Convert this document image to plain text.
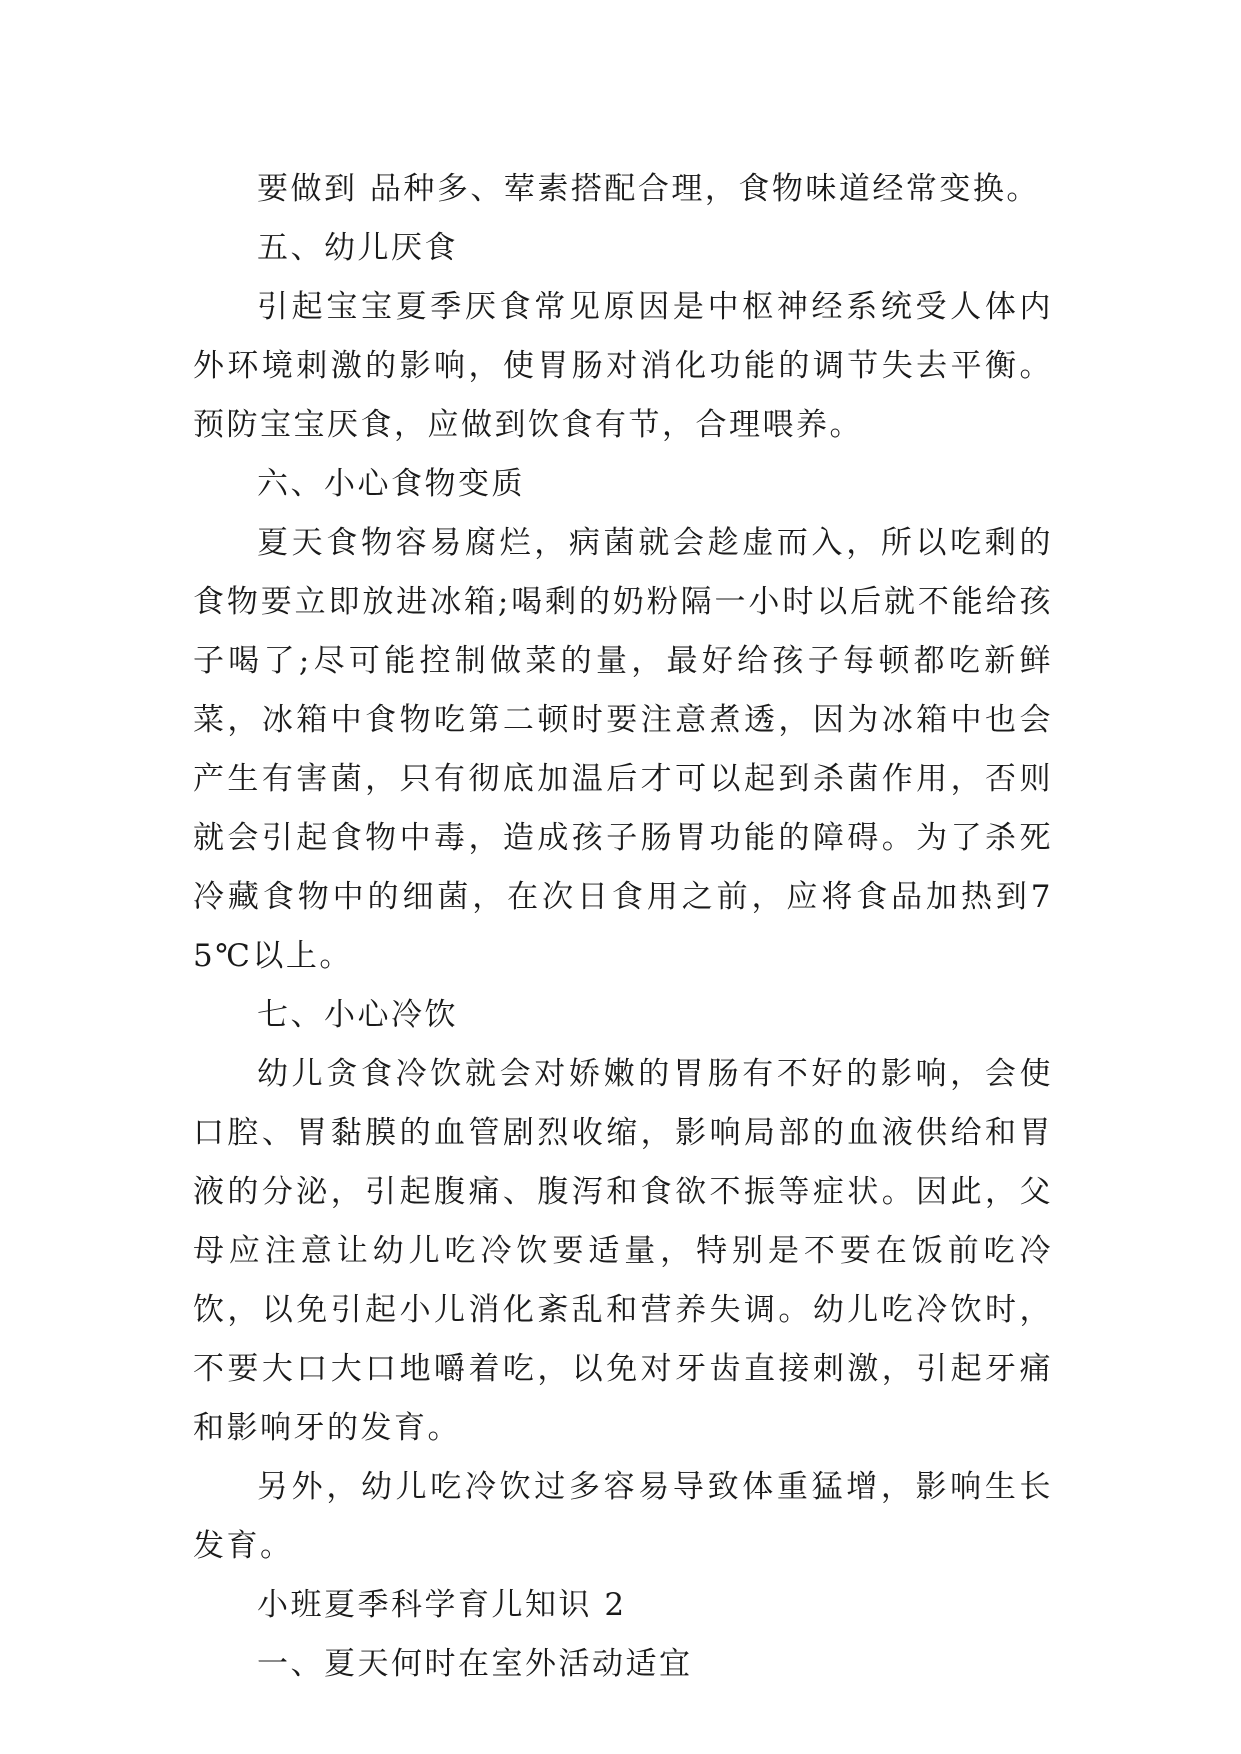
要做到 品种多、荤素搭配合理，食物味道经常变换。

五、幼儿厌食

引起宝宝夏季厌食常见原因是中枢神经系统受人体内外环境刺激的影响，使胃肠对消化功能的调节失去平衡。预防宝宝厌食，应做到饮食有节，合理喂养。

六、小心食物变质

夏天食物容易腐烂，病菌就会趁虚而入，所以吃剩的食物要立即放进冰箱;喝剩的奶粉隔一小时以后就不能给孩子喝了;尽可能控制做菜的量，最好给孩子每顿都吃新鲜菜，冰箱中食物吃第二顿时要注意煮透，因为冰箱中也会产生有害菌，只有彻底加温后才可以起到杀菌作用，否则就会引起食物中毒，造成孩子肠胃功能的障碍。为了杀死冷藏食物中的细菌，在次日食用之前，应将食品加热到75℃以上。

七、小心冷饮

幼儿贪食冷饮就会对娇嫩的胃肠有不好的影响，会使口腔、胃黏膜的血管剧烈收缩，影响局部的血液供给和胃液的分泌，引起腹痛、腹泻和食欲不振等症状。因此，父母应注意让幼儿吃冷饮要适量，特别是不要在饭前吃冷饮，以免引起小儿消化紊乱和营养失调。幼儿吃冷饮时，不要大口大口地嚼着吃，以免对牙齿直接刺激，引起牙痛和影响牙的发育。

另外，幼儿吃冷饮过多容易导致体重猛增，影响生长发育。

小班夏季科学育儿知识 2

一、夏天何时在室外活动适宜
